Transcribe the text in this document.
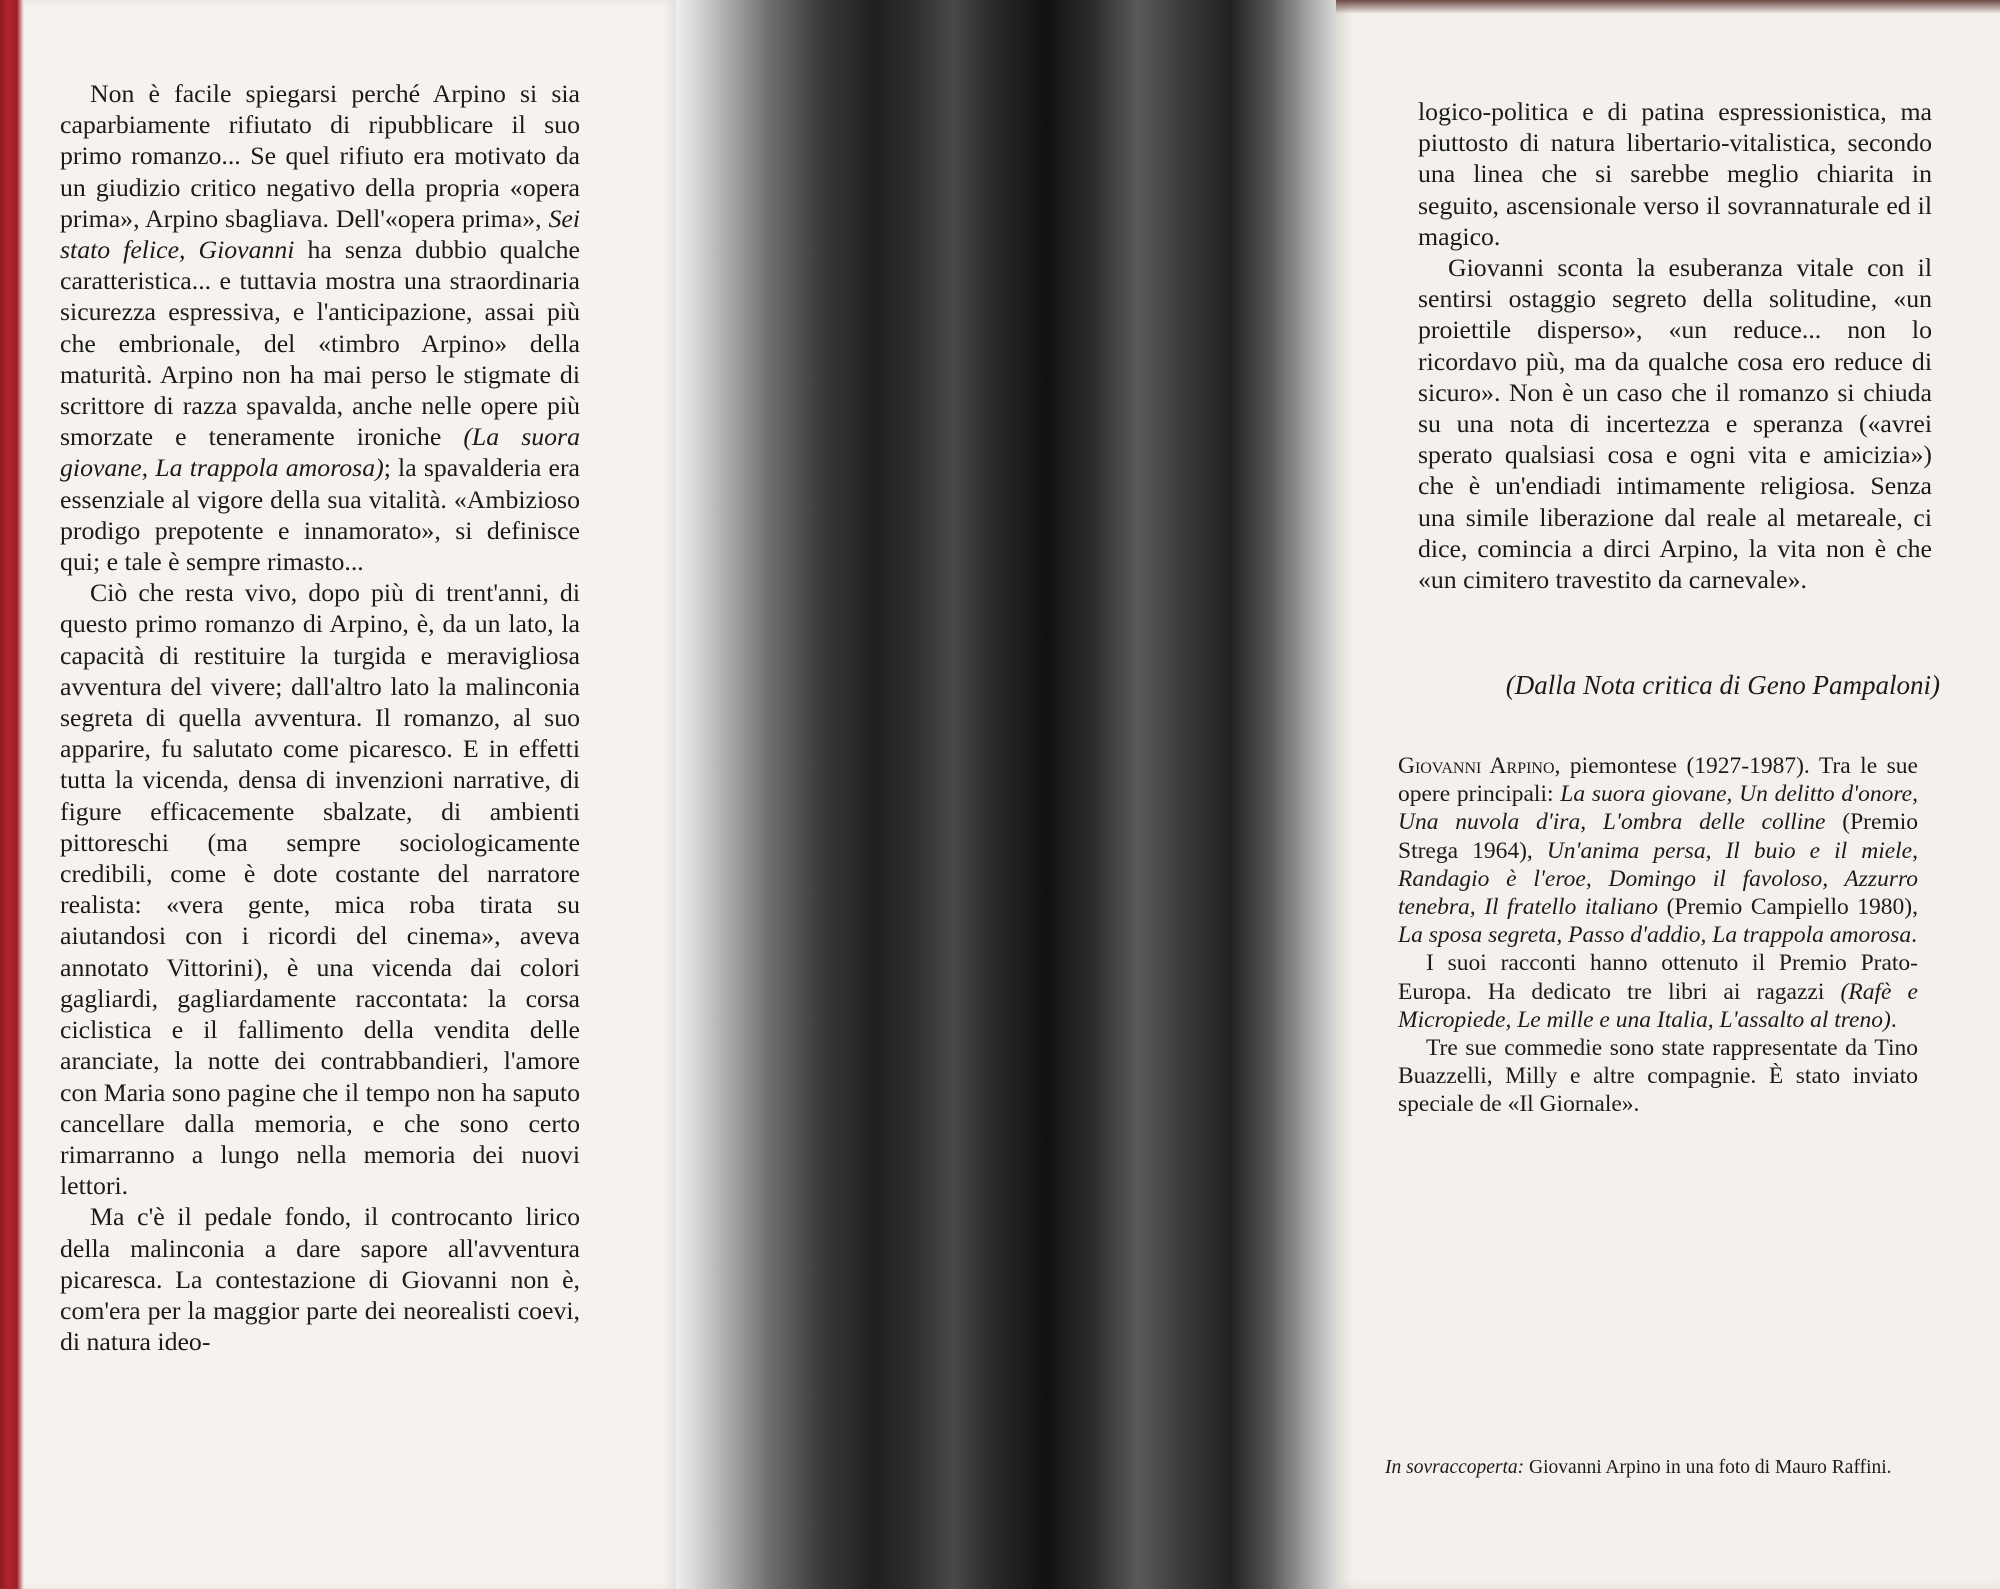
Non è facile spiegarsi perché Arpino si sia caparbiamente rifiutato di ripubblicare il suo primo romanzo... Se quel rifiuto era motivato da un giudizio critico negativo della propria «opera prima», Arpino sbagliava. Dell'«opera prima», Sei stato felice, Giovanni ha senza dubbio qualche caratteristica... e tuttavia mostra una straordinaria sicurezza espressiva, e l'anticipazione, assai più che embrionale, del «timbro Arpino» della maturità. Arpino non ha mai perso le stigmate di scrittore di razza spavalda, anche nelle opere più smorzate e teneramente ironiche (La suora giovane, La trappola amorosa); la spavalderia era essenziale al vigore della sua vitalità. «Ambizioso prodigo prepotente e innamorato», si definisce qui; e tale è sempre rimasto...

Ciò che resta vivo, dopo più di trent'anni, di questo primo romanzo di Arpino, è, da un lato, la capacità di restituire la turgida e meravigliosa avventura del vivere; dall'altro lato la malinconia segreta di quella avventura. Il romanzo, al suo apparire, fu salutato come picaresco. E in effetti tutta la vicenda, densa di invenzioni narrative, di figure efficacemente sbalzate, di ambienti pittoreschi (ma sempre sociologicamente credibili, come è dote costante del narratore realista: «vera gente, mica roba tirata su aiutandosi con i ricordi del cinema», aveva annotato Vittorini), è una vicenda dai colori gagliardi, gagliardamente raccontata: la corsa ciclistica e il fallimento della vendita delle aranciate, la notte dei contrabbandieri, l'amore con Maria sono pagine che il tempo non ha saputo cancellare dalla memoria, e che sono certo rimarranno a lungo nella memoria dei nuovi lettori.

Ma c'è il pedale fondo, il controcanto lirico della malinconia a dare sapore all'avventura picaresca. La contestazione di Giovanni non è, com'era per la maggior parte dei neorealisti coevi, di natura ideo-

logico-politica e di patina espressionistica, ma piuttosto di natura libertario-vitalistica, secondo una linea che si sarebbe meglio chiarita in seguito, ascensionale verso il sovrannaturale ed il magico.

Giovanni sconta la esuberanza vitale con il sentirsi ostaggio segreto della solitudine, «un proiettile disperso», «un reduce... non lo ricordavo più, ma da qualche cosa ero reduce di sicuro». Non è un caso che il romanzo si chiuda su una nota di incertezza e speranza («avrei sperato qualsiasi cosa e ogni vita e amicizia») che è un'endiadi intimamente religiosa. Senza una simile liberazione dal reale al metareale, ci dice, comincia a dirci Arpino, la vita non è che «un cimitero travestito da carnevale».

(Dalla Nota critica di Geno Pampaloni)

Giovanni Arpino, piemontese (1927-1987). Tra le sue opere principali: La suora giovane, Un delitto d'onore, Una nuvola d'ira, L'ombra delle colline (Premio Strega 1964), Un'anima persa, Il buio e il miele, Randagio è l'eroe, Domingo il favoloso, Azzurro tenebra, Il fratello italiano (Premio Campiello 1980), La sposa segreta, Passo d'addio, La trappola amorosa.

I suoi racconti hanno ottenuto il Premio Prato-Europa. Ha dedicato tre libri ai ragazzi (Rafè e Micropiede, Le mille e una Italia, L'assalto al treno).

Tre sue commedie sono state rappresentate da Tino Buazzelli, Milly e altre compagnie. È stato inviato speciale de «Il Giornale».

In sovraccoperta: Giovanni Arpino in una foto di Mauro Raffini.
